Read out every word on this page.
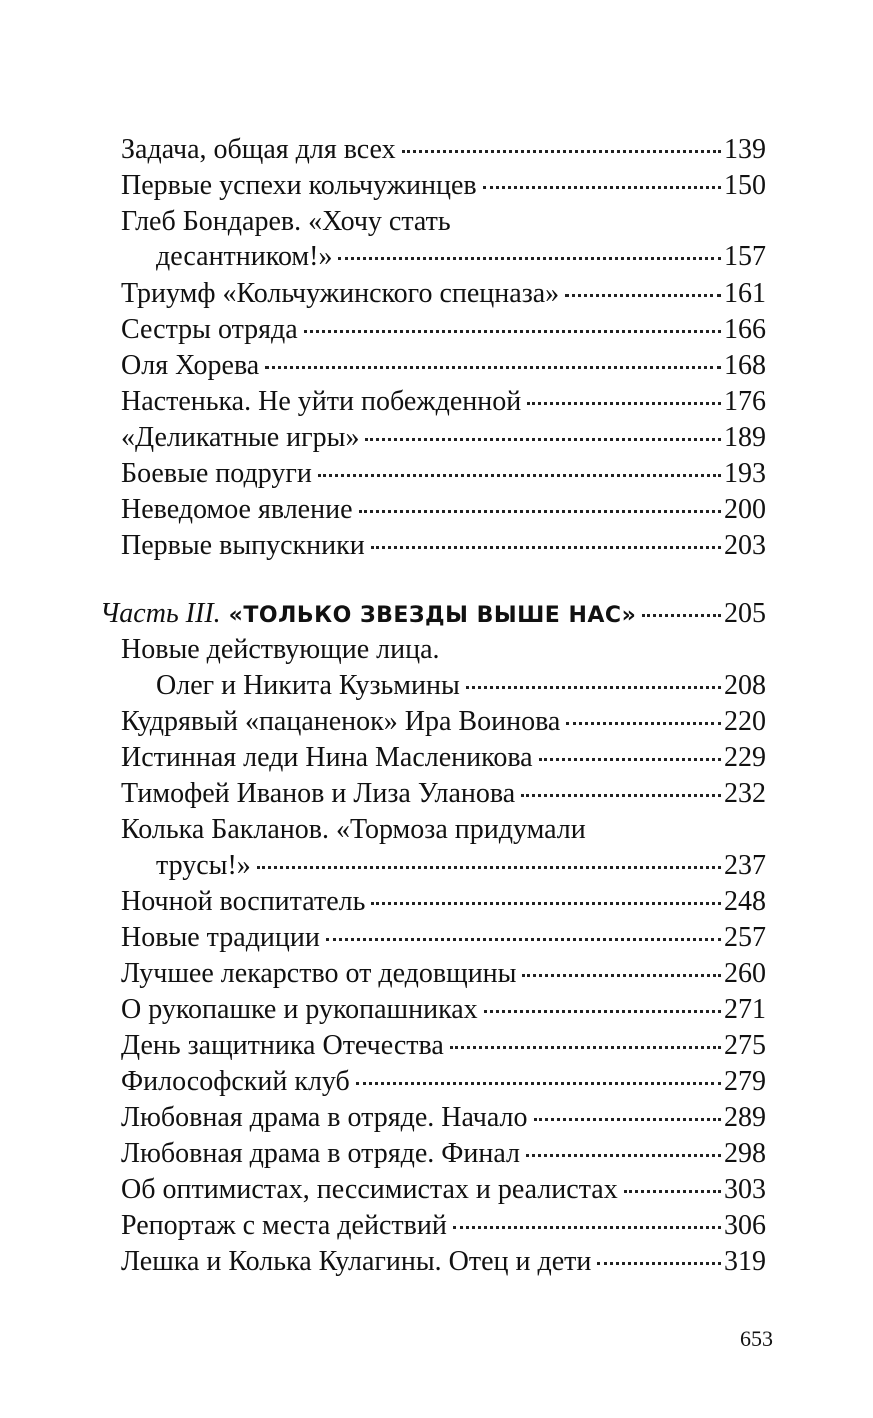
Задача, общая для всех	139
Первые успехи кольчужинцев	150
Глеб Бондарев. «Хочу стать
десантником!»	157
Триумф «Кольчужинского спецназа»	161
Сестры отряда	166
Оля Хорева	168
Настенька. Не уйти побежденной	176
«Деликатные игры»	189
Боевые подруги	193
Неведомое явление	200
Первые выпускники	203
Часть III. «ТОЛЬКО ЗВЕЗДЫ ВЫШЕ НАС»	205
Новые действующие лица.
Олег и Никита Кузьмины	208
Кудрявый «пацаненок» Ира Воинова	220
Истинная леди Нина Масленикова	229
Тимофей Иванов и Лиза Уланова	232
Колька Бакланов. «Тормоза придумали
трусы!»	237
Ночной воспитатель	248
Новые традиции	257
Лучшее лекарство от дедовщины	260
О рукопашке и рукопашниках	271
День защитника Отечества	275
Философский клуб	279
Любовная драма в отряде. Начало	289
Любовная драма в отряде. Финал	298
Об оптимистах, пессимистах и реалистах	303
Репортаж с места действий	306
Лешка и Колька Кулагины. Отец и дети	319
653
